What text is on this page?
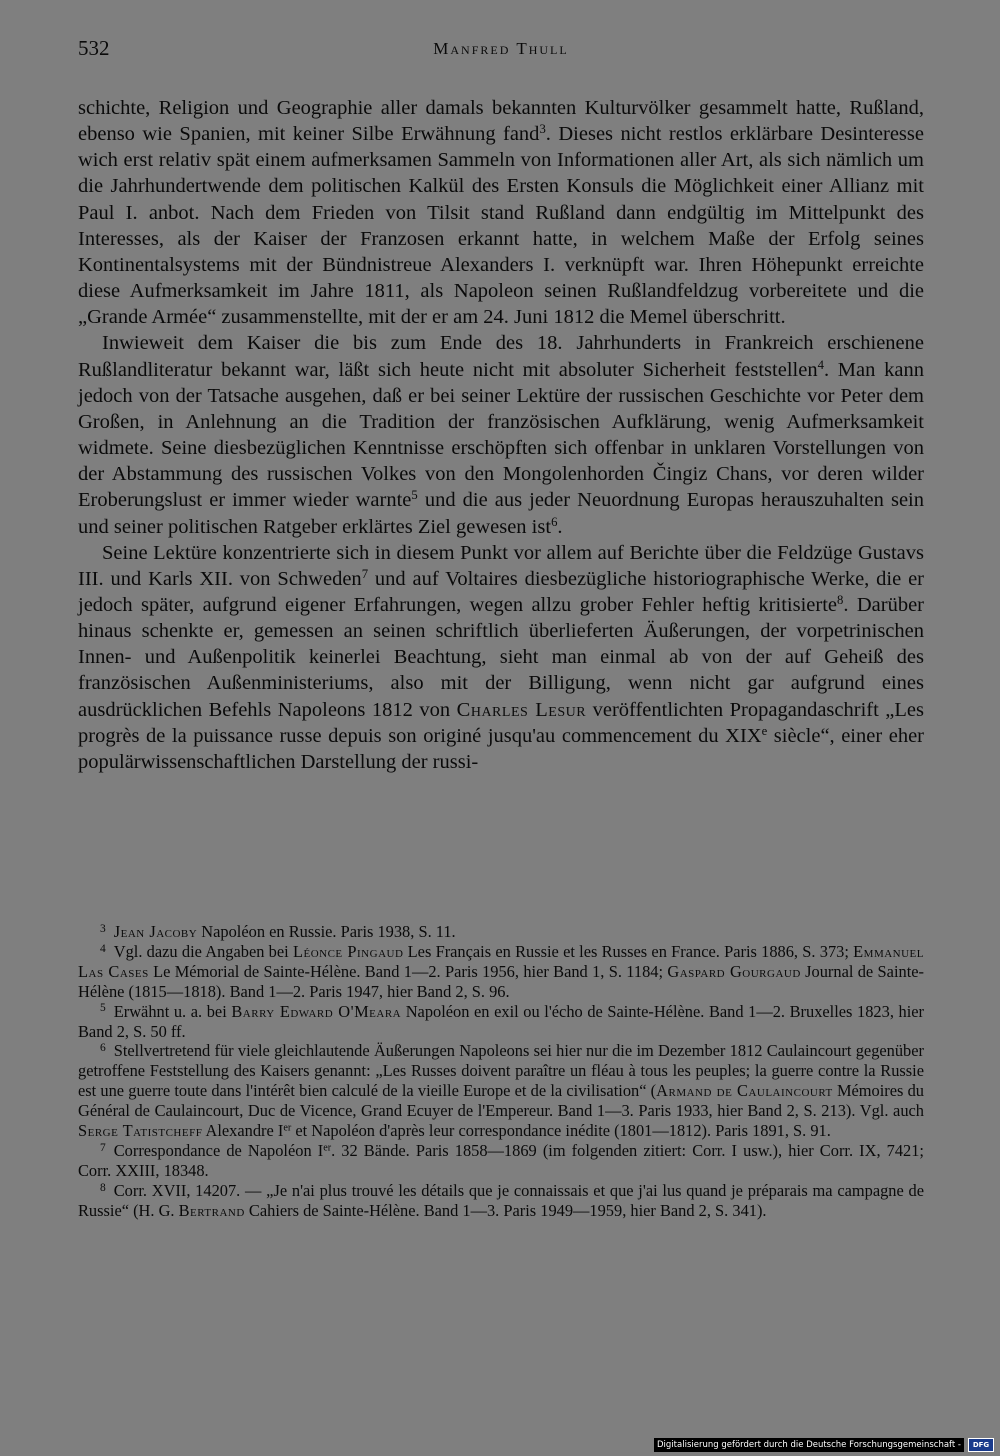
532	Manfred Thull

schichte, Religion und Geographie aller damals bekannten Kulturvölker gesammelt hatte, Rußland, ebenso wie Spanien, mit keiner Silbe Erwähnung fand$^3$. Dieses nicht restlos erklärbare Desinteresse wich erst relativ spät einem aufmerksamen Sammeln von Informationen aller Art, als sich nämlich um die Jahrhundertwende dem politischen Kalkül des Ersten Konsuls die Möglichkeit einer Allianz mit Paul I. anbot. Nach dem Frieden von Tilsit stand Rußland dann endgültig im Mittelpunkt des Interesses, als der Kaiser der Franzosen erkannt hatte, in welchem Maße der Erfolg seines Kontinentalsystems mit der Bündnistreue Alexanders I. verknüpft war. Ihren Höhepunkt erreichte diese Aufmerksamkeit im Jahre 1811, als Napoleon seinen Rußlandfeldzug vorbereitete und die „Grande Armée“ zusammenstellte, mit der er am 24. Juni 1812 die Memel überschritt.

Inwieweit dem Kaiser die bis zum Ende des 18. Jahrhunderts in Frankreich erschienene Rußlandliteratur bekannt war, läßt sich heute nicht mit absoluter Sicherheit feststellen$^4$. Man kann jedoch von der Tatsache ausgehen, daß er bei seiner Lektüre der russischen Geschichte vor Peter dem Großen, in Anlehnung an die Tradition der französischen Aufklärung, wenig Aufmerksamkeit widmete. Seine diesbezüglichen Kenntnisse erschöpften sich offenbar in unklaren Vorstellungen von der Abstammung des russischen Volkes von den Mongolenhorden Čingiz Chans, vor deren wilder Eroberungslust er immer wieder warnte$^5$ und die aus jeder Neuordnung Europas herauszuhalten sein und seiner politischen Ratgeber erklärtes Ziel gewesen ist$^6$.

Seine Lektüre konzentrierte sich in diesem Punkt vor allem auf Berichte über die Feldzüge Gustavs III. und Karls XII. von Schweden$^7$ und auf Voltaires diesbezügliche historiographische Werke, die er jedoch später, aufgrund eigener Erfahrungen, wegen allzu grober Fehler heftig kritisierte$^8$. Darüber hinaus schenkte er, gemessen an seinen schriftlich überlieferten Äußerungen, der vorpetrinischen Innen- und Außenpolitik keinerlei Beachtung, sieht man einmal ab von der auf Geheiß des französischen Außenministeriums, also mit der Billigung, wenn nicht gar aufgrund eines ausdrücklichen Befehls Napoleons 1812 von Charles Lesur veröffentlichten Propagandaschrift „Les progrès de la puissance russe depuis son originé jusqu'au commencement du XIXe siècle“, einer eher populärwissenschaftlichen Darstellung der russi-

$^3$ Jean Jacoby Napoléon en Russie. Paris 1938, S. 11.

$^4$ Vgl. dazu die Angaben bei Léonce Pingaud Les Français en Russie et les Russes en France. Paris 1886, S. 373; Emmanuel Las Cases Le Mémorial de Sainte-Hélène. Band 1—2. Paris 1956, hier Band 1, S. 1184; Gaspard Gourgaud Journal de Sainte-Hélène (1815—1818). Band 1—2. Paris 1947, hier Band 2, S. 96.

$^5$ Erwähnt u. a. bei Barry Edward O'Meara Napoléon en exil ou l'écho de Sainte-Hélène. Band 1—2. Bruxelles 1823, hier Band 2, S. 50 ff.

$^6$ Stellvertretend für viele gleichlautende Äußerungen Napoleons sei hier nur die im Dezember 1812 Caulaincourt gegenüber getroffene Feststellung des Kaisers genannt: „Les Russes doivent paraître un fléau à tous les peuples; la guerre contre la Russie est une guerre toute dans l'intérêt bien calculé de la vieille Europe et de la civilisation“ (Armand de Caulaincourt Mémoires du Général de Caulaincourt, Duc de Vicence, Grand Ecuyer de l'Empereur. Band 1—3. Paris 1933, hier Band 2, S. 213). Vgl. auch Serge Tatistcheff Alexandre Ier et Napoléon d'après leur correspondance inédite (1801—1812). Paris 1891, S. 91.

$^7$ Correspondance de Napoléon Ier. 32 Bände. Paris 1858—1869 (im folgenden zitiert: Corr. I usw.), hier Corr. IX, 7421; Corr. XXIII, 18348.

$^8$ Corr. XVII, 14207. — „Je n'ai plus trouvé les détails que je connaissais et que j'ai lus quand je préparais ma campagne de Russie“ (H. G. Bertrand Cahiers de Sainte-Hélène. Band 1—3. Paris 1949—1959, hier Band 2, S. 341).

Digitalisierung gefördert durch die Deutsche Forschungsgemeinschaft -	DFG
